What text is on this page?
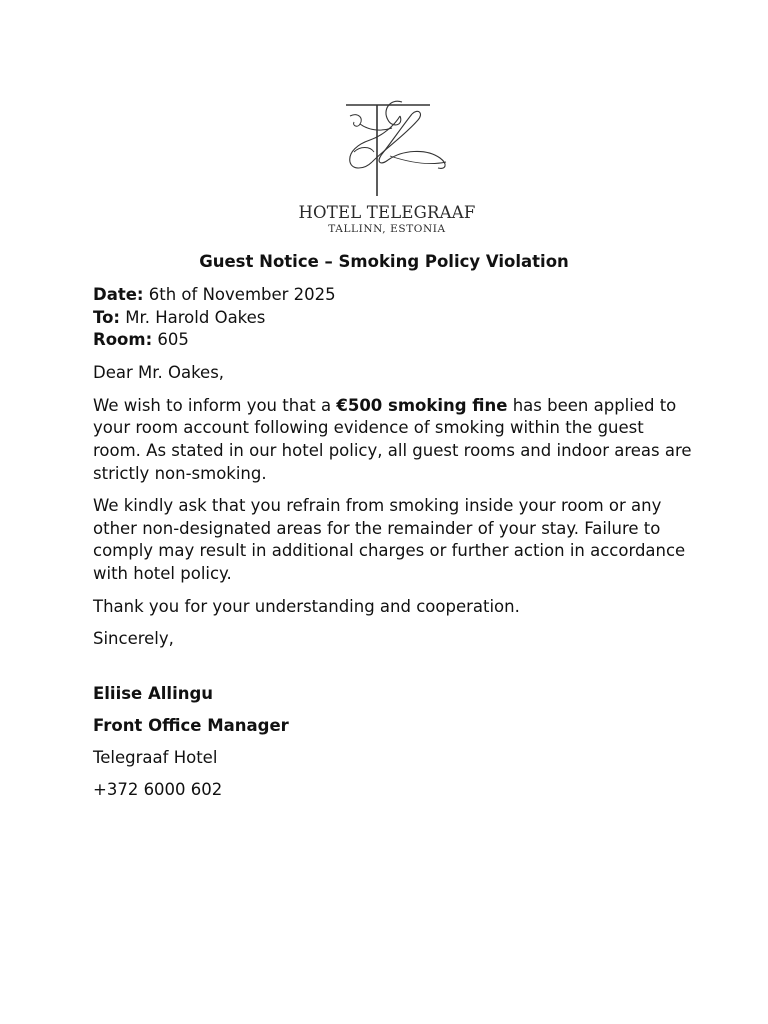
HOTEL TELEGRAAF
TALLINN, ESTONIA
Guest Notice – Smoking Policy Violation

Date: 6th of November 2025

To: Mr. Harold Oakes

Room: 605

Dear Mr. Oakes,

We wish to inform you that a €500 smoking fine has been applied to your room account following evidence of smoking within the guest room. As stated in our hotel policy, all guest rooms and indoor areas are strictly non-smoking.

We kindly ask that you refrain from smoking inside your room or any other non-designated areas for the remainder of your stay. Failure to comply may result in additional charges or further action in accordance with hotel policy.

Thank you for your understanding and cooperation.

Sincerely,

Eliise Allingu

Front Office Manager

Telegraaf Hotel

+372 6000 602
